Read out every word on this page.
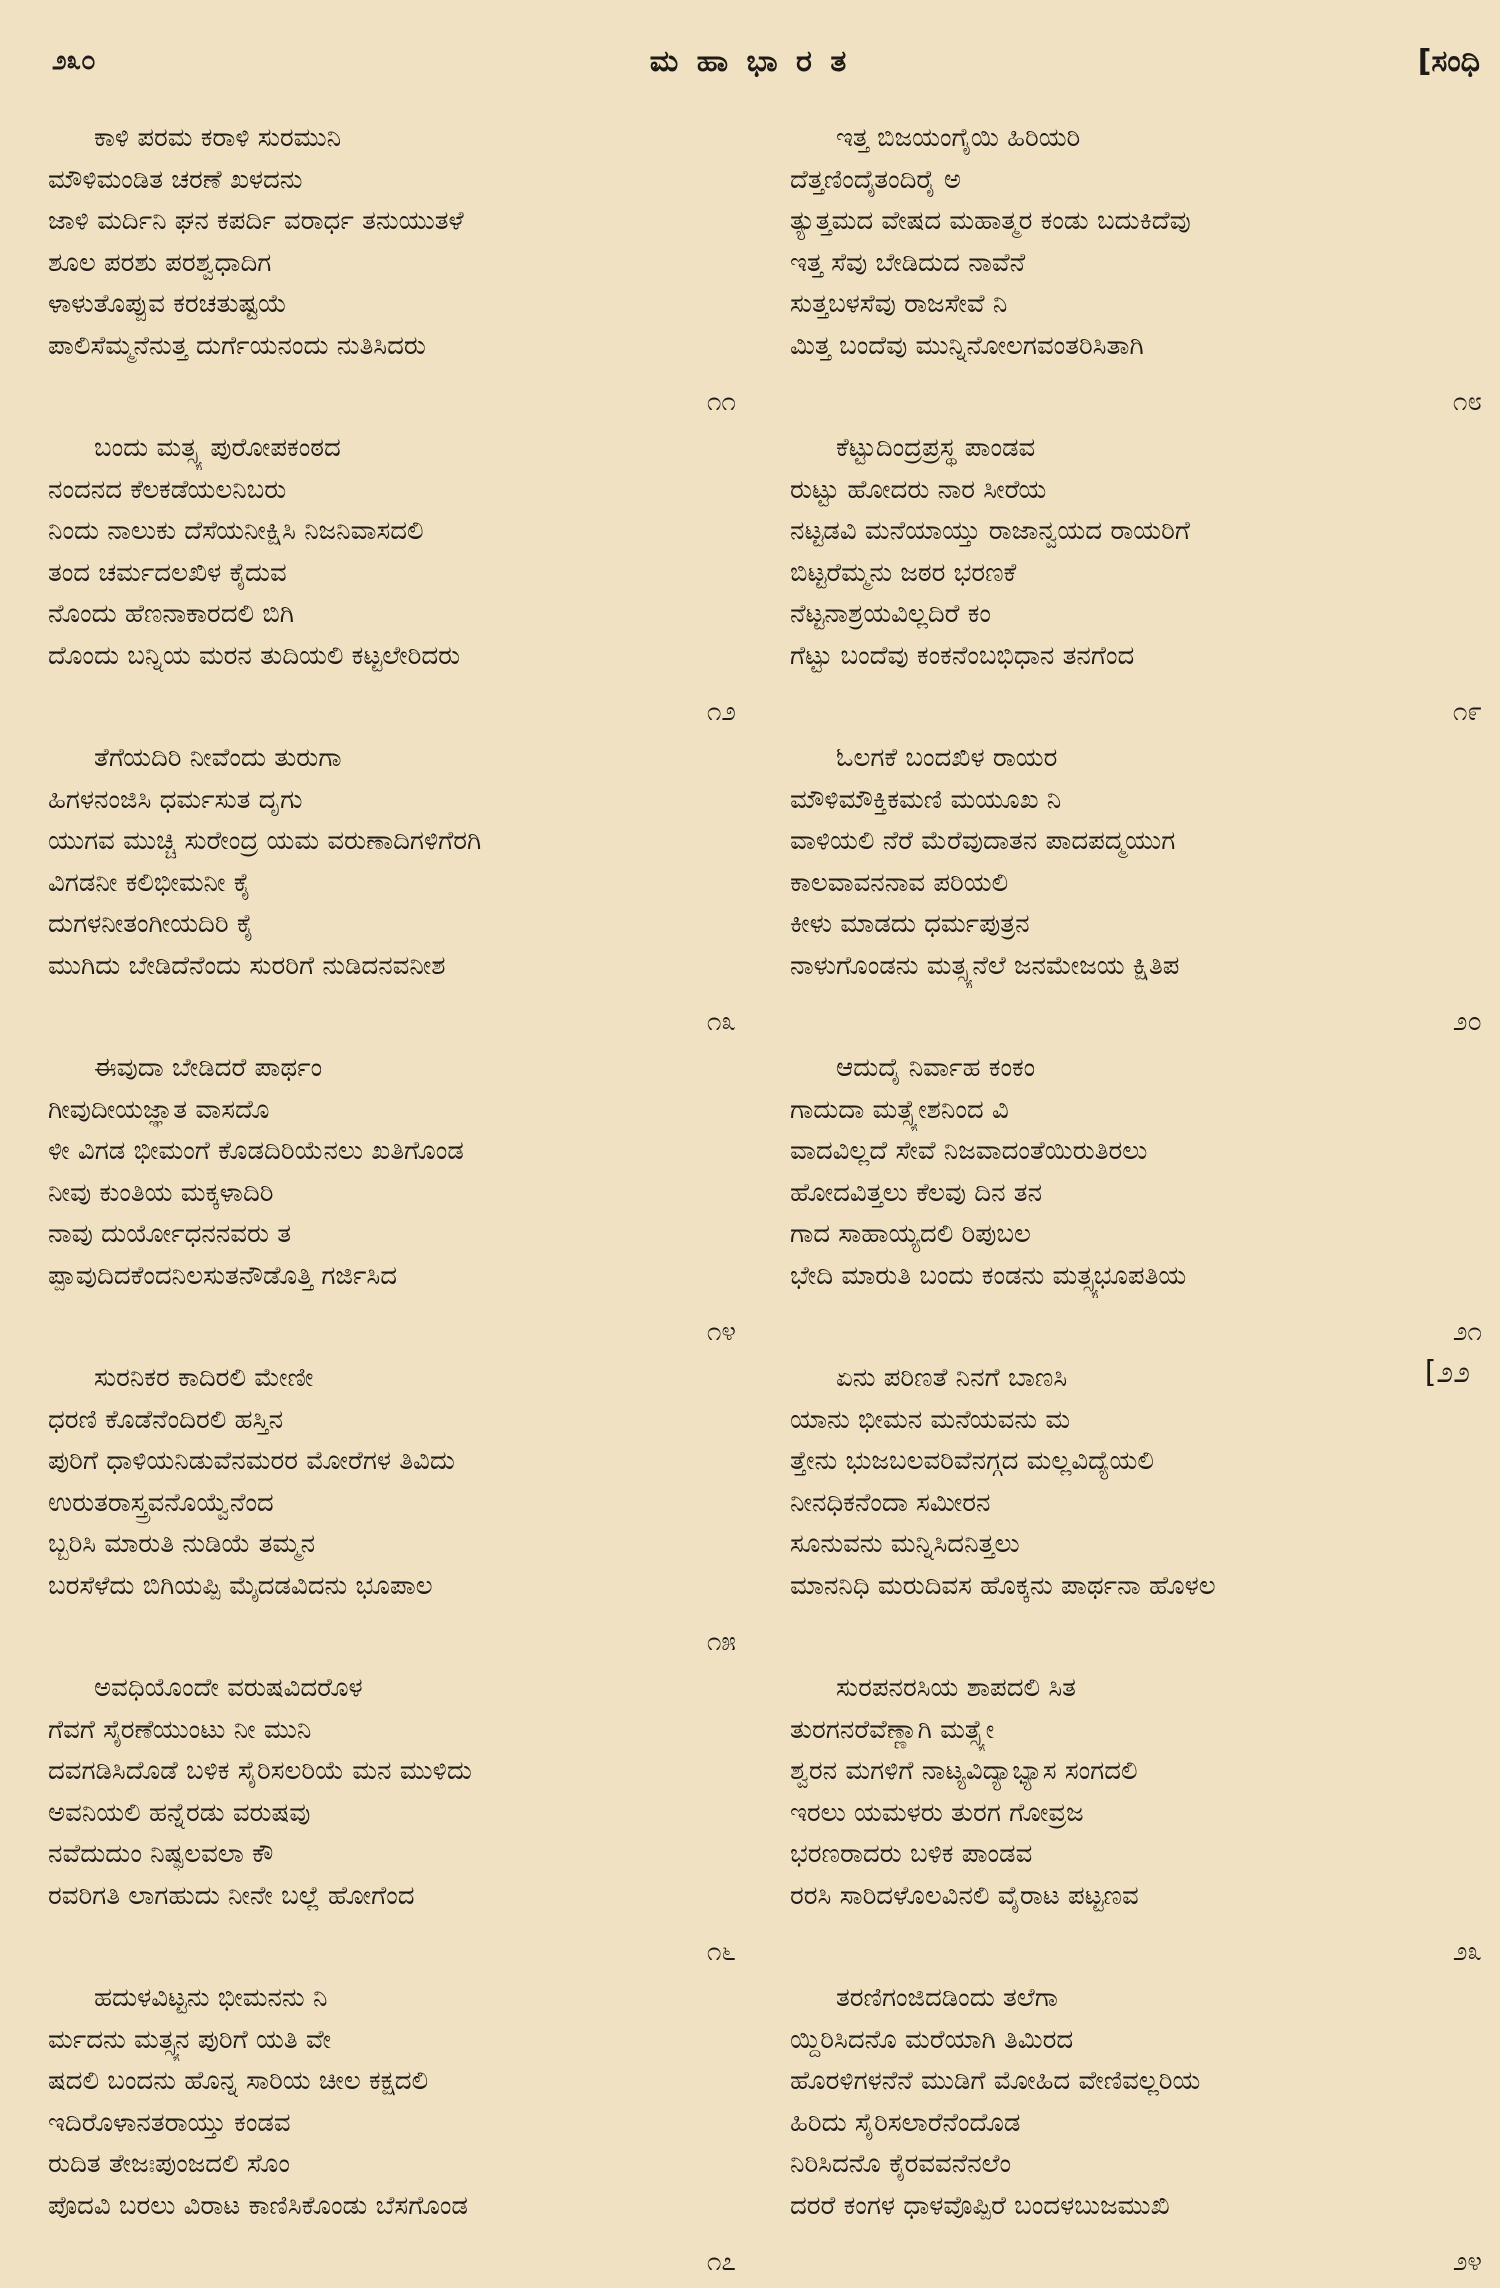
೨೩೦	ಮ ಹಾ ಭಾ ರ ತ	[ಸಂಧಿ
ಕಾಳಿ ಪರಮ ಕರಾಳಿ ಸುರಮುನಿ
ಮೌಳಿಮಂಡಿತ ಚರಣೆ ಖಳದನು
ಜಾಳಿ ಮರ್ದಿನಿ ಘನ ಕಪರ್ದಿ ವರಾರ್ಧ ತನುಯುತಳೆ
ಶೂಲ ಪರಶು ಪರಶ್ವಧಾದಿಗ
ಳಾಳುತೊಪ್ಪುವ ಕರಚತುಷ್ಟಯೆ
ಪಾಲಿಸೆಮ್ಮನೆನುತ್ತ ದುರ್ಗೆಯನಂದು ನುತಿಸಿದರು
೧೧
ಬಂದು ಮತ್ಸ್ಯ ಪುರೋಪಕಂಠದ
ನಂದನದ ಕೆಲಕಡೆಯಲನಿಬರು
ನಿಂದು ನಾಲುಕು ದೆಸೆಯನೀಕ್ಷಿಸಿ ನಿಜನಿವಾಸದಲಿ
ತಂದ ಚರ್ಮದಲಖಿಳ ಕೈದುವ
ನೊಂದು ಹೆಣನಾಕಾರದಲಿ ಬಿಗಿ
ದೊಂದು ಬನ್ನಿಯ ಮರನ ತುದಿಯಲಿ ಕಟ್ಟಲೇರಿದರು
೧೨
ತೆಗೆಯದಿರಿ ನೀವೆಂದು ತುರುಗಾ
ಹಿಗಳನಂಜಿಸಿ ಧರ್ಮಸುತ ದೃಗು
ಯುಗವ ಮುಚ್ಚಿ ಸುರೇಂದ್ರ ಯಮ ವರುಣಾದಿಗಳಿಗೆರಗಿ
ವಿಗಡನೀ ಕಲಿಭೀಮನೀ ಕೈ
ದುಗಳನೀತಂಗೀಯದಿರಿ ಕೈ
ಮುಗಿದು ಬೇಡಿದೆನೆಂದು ಸುರರಿಗೆ ನುಡಿದನವನೀಶ
೧೩
ಈವುದಾ ಬೇಡಿದರೆ ಪಾರ್ಥಂ
ಗೀವುದೀಯಜ್ಞಾತ ವಾಸದೊ
ಳೀ ವಿಗಡ ಭೀಮಂಗೆ ಕೊಡದಿರಿಯೆನಲು ಖತಿಗೊಂಡ
ನೀವು ಕುಂತಿಯ ಮಕ್ಕಳಾದಿರಿ
ನಾವು ದುರ್ಯೋಧನನವರು ತ
ಪ್ಪಾವುದಿದಕೆಂದನಿಲಸುತನೌಡೊತ್ತಿ ಗರ್ಜಿಸಿದ
೧೪
ಸುರನಿಕರ ಕಾದಿರಲಿ ಮೇಣೀ
ಧರಣಿ ಕೊಡೆನೆಂದಿರಲಿ ಹಸ್ತಿನ
ಪುರಿಗೆ ಧಾಳಿಯನಿಡುವೆನಮರರ ಮೋರೆಗಳ ತಿವಿದು
ಉರುತರಾಸ್ತ್ರವನೊಯ್ವೆನೆಂದ
ಬ್ಬರಿಸಿ ಮಾರುತಿ ನುಡಿಯೆ ತಮ್ಮನ
ಬರಸೆಳೆದು ಬಿಗಿಯಪ್ಪಿ ಮೈದಡವಿದನು ಭೂಪಾಲ
೧೫
ಅವಧಿಯೊಂದೇ ವರುಷವಿದರೊಳ
ಗೆವಗೆ ಸೈರಣೆಯುಂಟು ನೀ ಮುನಿ
ದವಗಡಿಸಿದೊಡೆ ಬಳಿಕ ಸೈರಿಸಲರಿಯೆ ಮನ ಮುಳಿದು
ಅವನಿಯಲಿ ಹನ್ನೆರಡು ವರುಷವು
ನವೆದುದುಂ ನಿಷ್ಫಲವಲಾ ಕೌ
ರವರಿಗತಿ ಲಾಗಹುದು ನೀನೇ ಬಲ್ಲೆ ಹೋಗೆಂದ
೧೬
ಹದುಳವಿಟ್ಟನು ಭೀಮನನು ನಿ
ರ್ಮದನು ಮತ್ಸ್ಯನ ಪುರಿಗೆ ಯತಿ ವೇ
ಷದಲಿ ಬಂದನು ಹೊನ್ನ ಸಾರಿಯ ಚೀಲ ಕಕ್ಷದಲಿ
ಇದಿರೊಳಾನತರಾಯ್ತು ಕಂಡವ
ರುದಿತ ತೇಜಃಪುಂಜದಲಿ ಸೊಂ
ಪೊದವಿ ಬರಲು ವಿರಾಟ ಕಾಣಿಸಿಕೊಂಡು ಬೆಸಗೊಂಡ
೧೭
ಇತ್ತ ಬಿಜಯಂಗೈಯಿ ಹಿರಿಯರಿ
ದೆತ್ತಣಿಂದೈತಂದಿರೈ ಅ
ತ್ಯುತ್ತಮದ ವೇಷದ ಮಹಾತ್ಮರ ಕಂಡು ಬದುಕಿದೆವು
ಇತ್ತ ಸೆವು ಬೇಡಿದುದ ನಾವೆನೆ
ಸುತ್ತಬಳಸೆವು ರಾಜಸೇವೆ ನಿ
ಮಿತ್ತ ಬಂದೆವು ಮುನ್ನಿನೋಲಗವಂತರಿಸಿತಾಗಿ
೧೮
ಕೆಟ್ಟುದಿಂದ್ರಪ್ರಸ್ಥ ಪಾಂಡವ
ರುಟ್ಟು ಹೋದರು ನಾರ ಸೀರೆಯ
ನಟ್ಟಡವಿ ಮನೆಯಾಯ್ತು ರಾಜಾನ್ವಯದ ರಾಯರಿಗೆ
ಬಿಟ್ಟರೆಮ್ಮನು ಜಠರ ಭರಣಕೆ
ನೆಟ್ಟನಾಶ್ರಯವಿಲ್ಲದಿರೆ ಕಂ
ಗೆಟ್ಟು ಬಂದೆವು ಕಂಕನೆಂಬಭಿಧಾನ ತನಗೆಂದ
೧೯
ಓಲಗಕೆ ಬಂದಖಿಳ ರಾಯರ
ಮೌಳಿಮೌಕ್ತಿಕಮಣಿ ಮಯೂಖ ನಿ
ವಾಳಿಯಲಿ ನೆರೆ ಮೆರೆವುದಾತನ ಪಾದಪದ್ಮಯುಗ
ಕಾಲವಾವನನಾವ ಪರಿಯಲಿ
ಕೀಳು ಮಾಡದು ಧರ್ಮಪುತ್ರನ
ನಾಳುಗೊಂಡನು ಮತ್ಸ್ಯನೆಲೆ ಜನಮೇಜಯ ಕ್ಷಿತಿಪ
೨೦
ಆದುದೈ ನಿರ್ವಾಹ ಕಂಕಂ
ಗಾದುದಾ ಮತ್ಸ್ಯೇಶನಿಂದ ವಿ
ವಾದವಿಲ್ಲದೆ ಸೇವೆ ನಿಜವಾದಂತೆಯಿರುತಿರಲು
ಹೋದವಿತ್ತಲು ಕೆಲವು ದಿನ ತನ
ಗಾದ ಸಾಹಾಯ್ಯದಲಿ ರಿಪುಬಲ
ಭೇದಿ ಮಾರುತಿ ಬಂದು ಕಂಡನು ಮತ್ಸ್ಯಭೂಪತಿಯ
೨೧
ಏನು ಪರಿಣತೆ ನಿನಗೆ ಬಾಣಸಿ
ಯಾನು ಭೀಮನ ಮನೆಯವನು ಮ
ತ್ತೇನು ಭುಜಬಲವರಿವೆನಗ್ಗದ ಮಲ್ಲವಿದ್ಯೆಯಲಿ
ನೀನಧಿಕನೆಂದಾ ಸಮೀರನ
ಸೂನುವನು ಮನ್ನಿಸಿದನಿತ್ತಲು
ಮಾನನಿಧಿ ಮರುದಿವಸ ಹೊಕ್ಕನು ಪಾರ್ಥನಾ ಹೊಳಲ
ಸುರಪನರಸಿಯ ಶಾಪದಲಿ ಸಿತ
ತುರಗನರೆವೆಣ್ಣಾಗಿ ಮತ್ಸ್ಯೇ
ಶ್ವರನ ಮಗಳಿಗೆ ನಾಟ್ಯವಿದ್ಯಾಭ್ಯಾಸ ಸಂಗದಲಿ
ಇರಲು ಯಮಳರು ತುರಗ ಗೋವ್ರಜ
ಭರಣರಾದರು ಬಳಿಕ ಪಾಂಡವ
ರರಸಿ ಸಾರಿದಳೊಲವಿನಲಿ ವೈರಾಟ ಪಟ್ಟಣವ
೨೩
ತರಣಿಗಂಜಿದಡಿಂದು ತಲೆಗಾ
ಯ್ದಿರಿಸಿದನೊ ಮರೆಯಾಗಿ ತಿಮಿರದ
ಹೊರಳಿಗಳನೆನೆ ಮುಡಿಗೆ ಮೋಹಿದ ವೇಣಿವಲ್ಲರಿಯ
ಹಿರಿದು ಸೈರಿಸಲಾರೆನೆಂದೊಡ
ನಿರಿಸಿದನೊ ಕೈರವವನೆನಲೆಂ
ದರರೆ ಕಂಗಳ ಧಾಳವೊಪ್ಪಿರೆ ಬಂದಳಬುಜಮುಖಿ
೨೪
[೨೨
